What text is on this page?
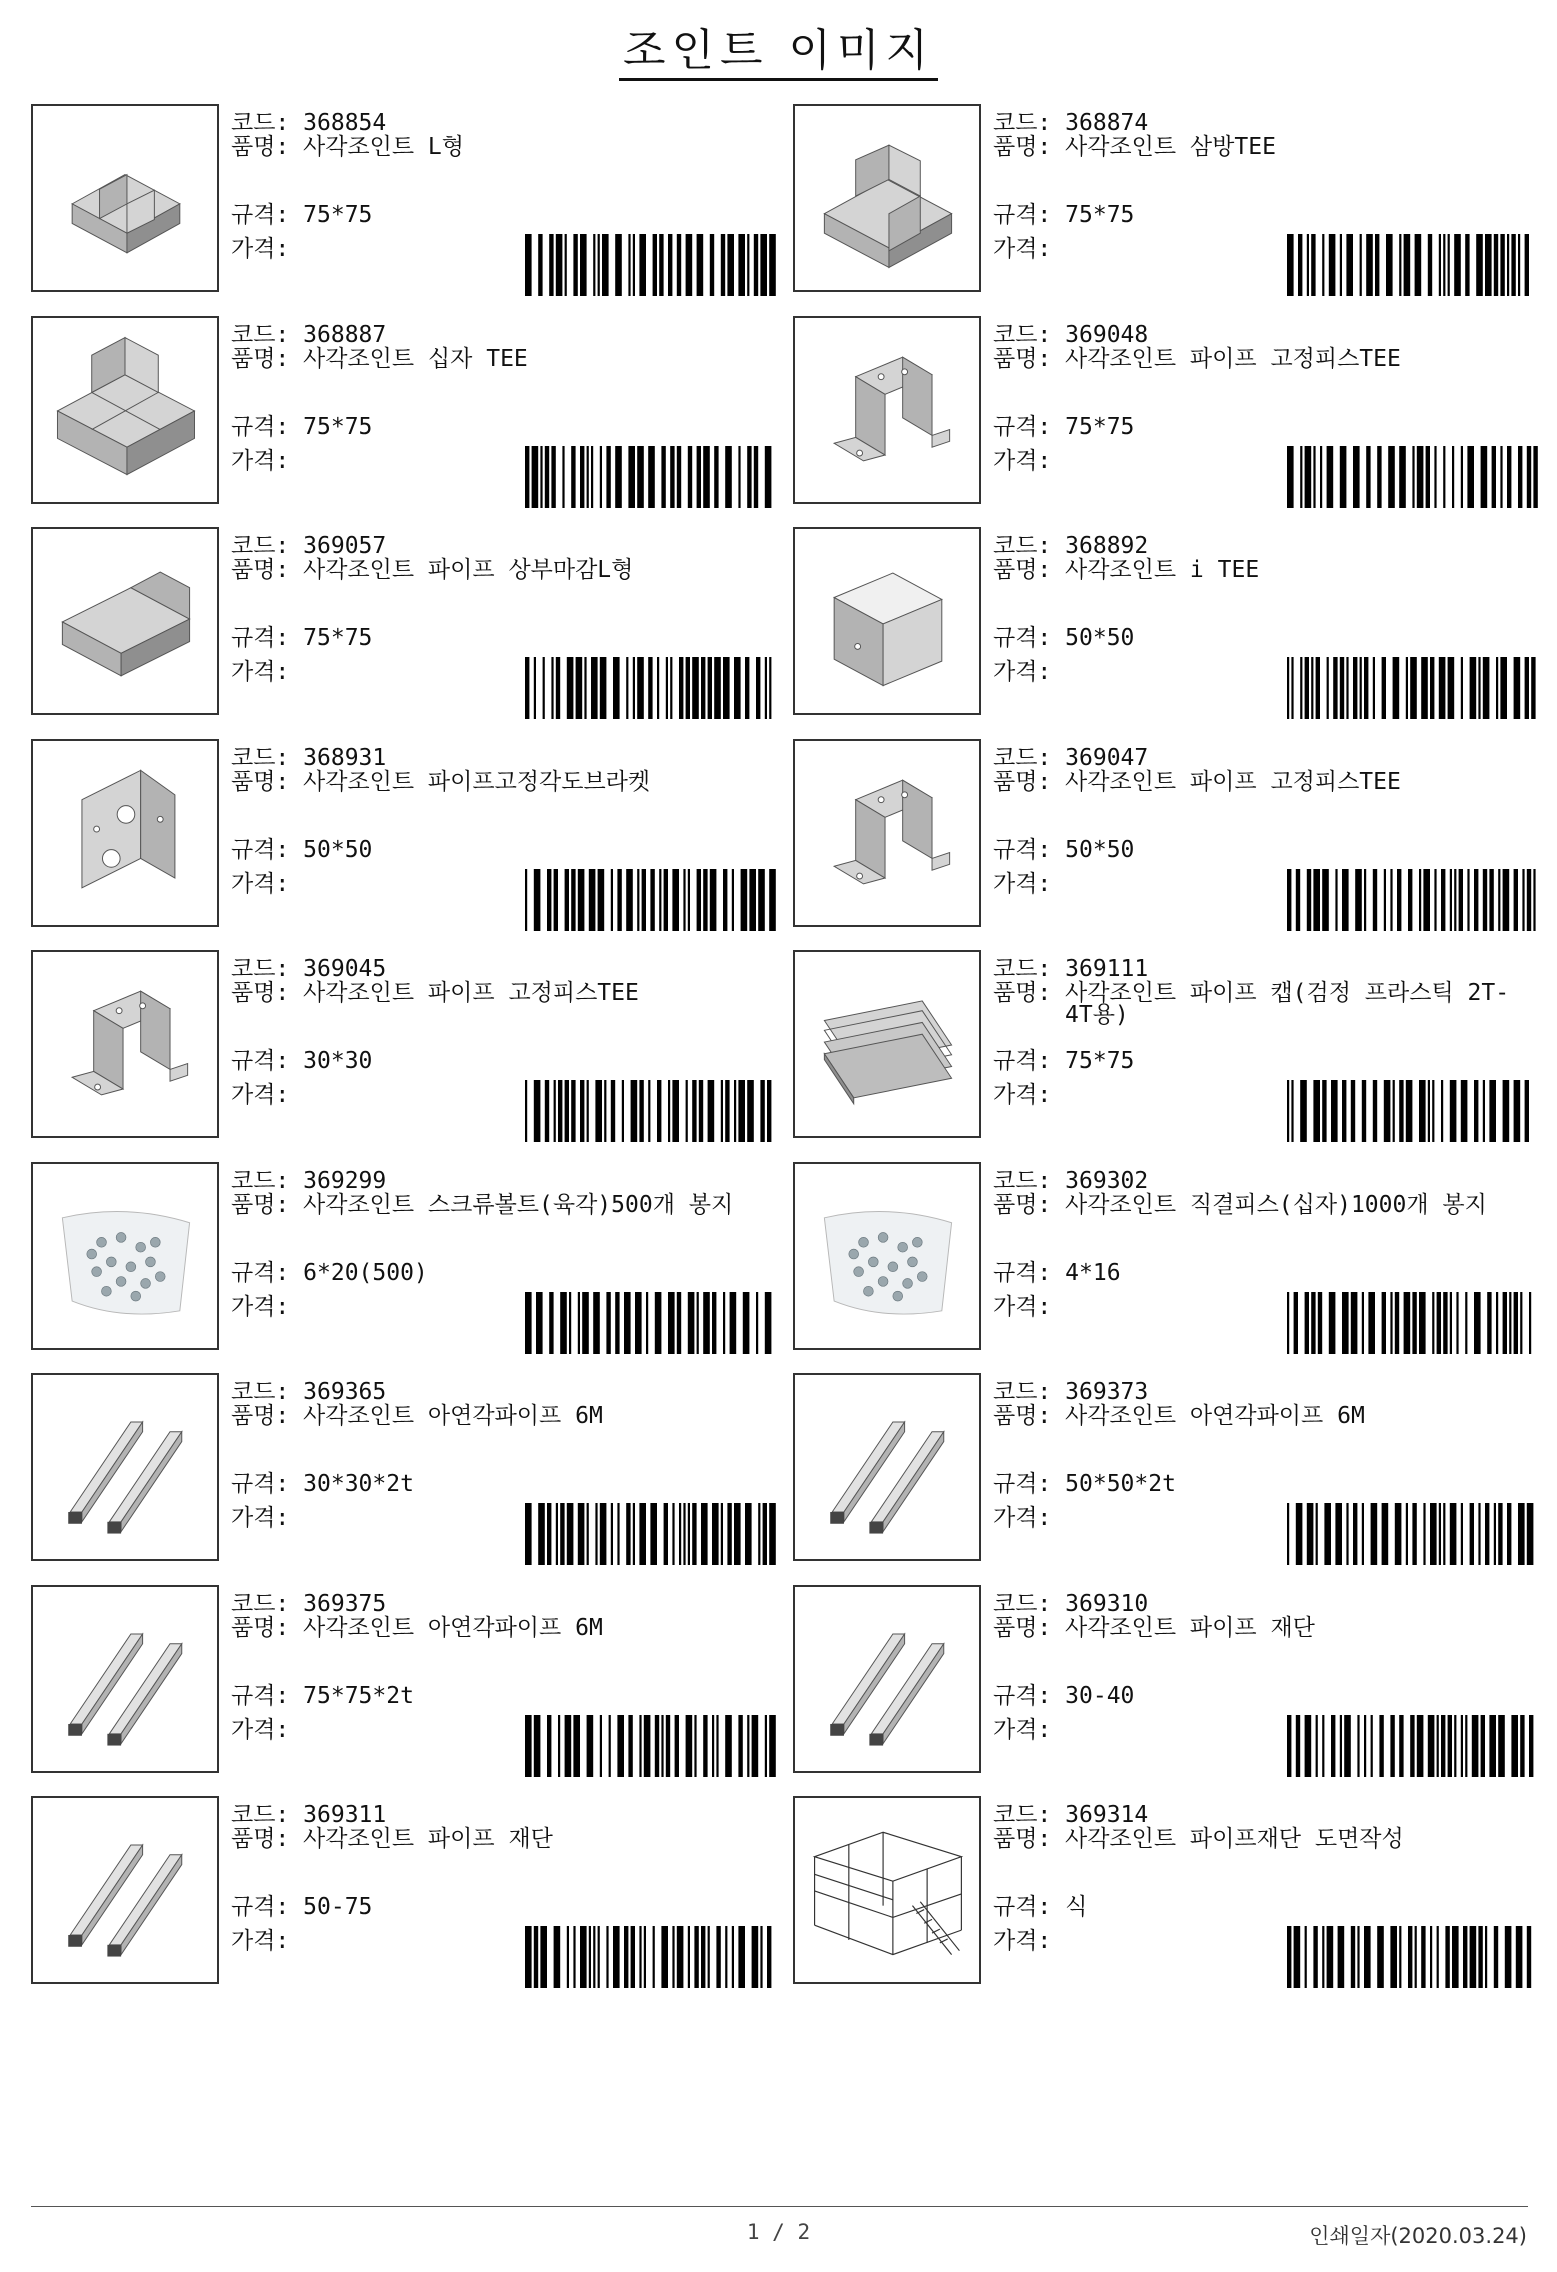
조인트 이미지
코드: 368854
품명: 사각조인트 L형
규격: 75*75
가격:
코드: 368874
품명: 사각조인트 삼방TEE
규격: 75*75
가격:
코드: 368887
품명: 사각조인트 십자 TEE
규격: 75*75
가격:
코드: 369048
품명: 사각조인트 파이프 고정피스TEE
규격: 75*75
가격:
코드: 369057
품명: 사각조인트 파이프 상부마감L형
규격: 75*75
가격:
코드: 368892
품명: 사각조인트 i TEE
규격: 50*50
가격:
코드: 368931
품명: 사각조인트 파이프고정각도브라켓
규격: 50*50
가격:
코드: 369047
품명: 사각조인트 파이프 고정피스TEE
규격: 50*50
가격:
코드: 369045
품명: 사각조인트 파이프 고정피스TEE
규격: 30*30
가격:
코드: 369111
품명: 사각조인트 파이프 캡(검정 프라스틱 2T-4T용)
규격: 75*75
가격:
코드: 369299
품명: 사각조인트 스크류볼트(육각)500개 봉지
규격: 6*20(500)
가격:
코드: 369302
품명: 사각조인트 직결피스(십자)1000개 봉지
규격: 4*16
가격:
코드: 369365
품명: 사각조인트 아연각파이프 6M
규격: 30*30*2t
가격:
코드: 369373
품명: 사각조인트 아연각파이프 6M
규격: 50*50*2t
가격:
코드: 369375
품명: 사각조인트 아연각파이프 6M
규격: 75*75*2t
가격:
코드: 369310
품명: 사각조인트 파이프 재단
규격: 30-40
가격:
코드: 369311
품명: 사각조인트 파이프 재단
규격: 50-75
가격:
코드: 369314
품명: 사각조인트 파이프재단 도면작성
규격: 식
가격:
1 / 2	인쇄일자(2020.03.24)
